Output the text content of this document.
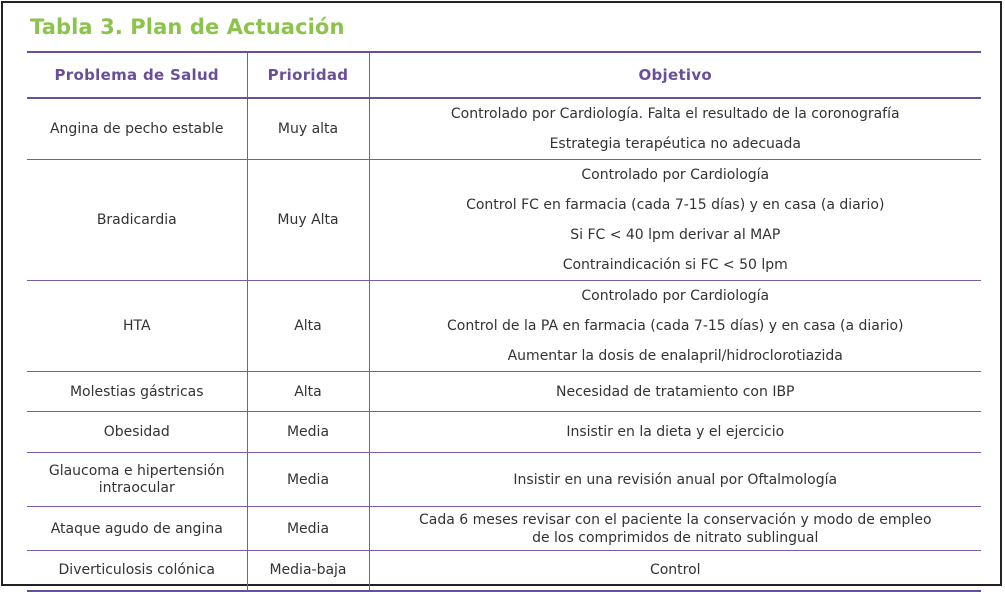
Tabla 3. Plan de Actuación
Problema de Salud	Prioridad	Objetivo
Angina de pecho estable	Muy alta	Controlado por Cardiología. Falta el resultado de la coronografía
Estrategia terapéutica no adecuada

Bradicardia	Muy Alta	Controlado por Cardiología
Control FC en farmacia (cada 7-15 días) y en casa (a diario)
Si FC < 40 lpm derivar al MAP
Contraindicación si FC < 50 lpm

HTA	Alta	Controlado por Cardiología
Control de la PA en farmacia (cada 7-15 días) y en casa (a diario)
Aumentar la dosis de enalapril/hidroclorotiazida

Molestias gástricas	Alta	Necesidad de tratamiento con IBP

Obesidad	Media	Insistir en la dieta y el ejercicio

Glaucoma e hipertensión intraocular	Media	Insistir en una revisión anual por Oftalmología

Ataque agudo de angina	Media	Cada 6 meses revisar con el paciente la conservación y modo de empleo
de los comprimidos de nitrato sublingual

Diverticulosis colónica	Media-baja	Control
